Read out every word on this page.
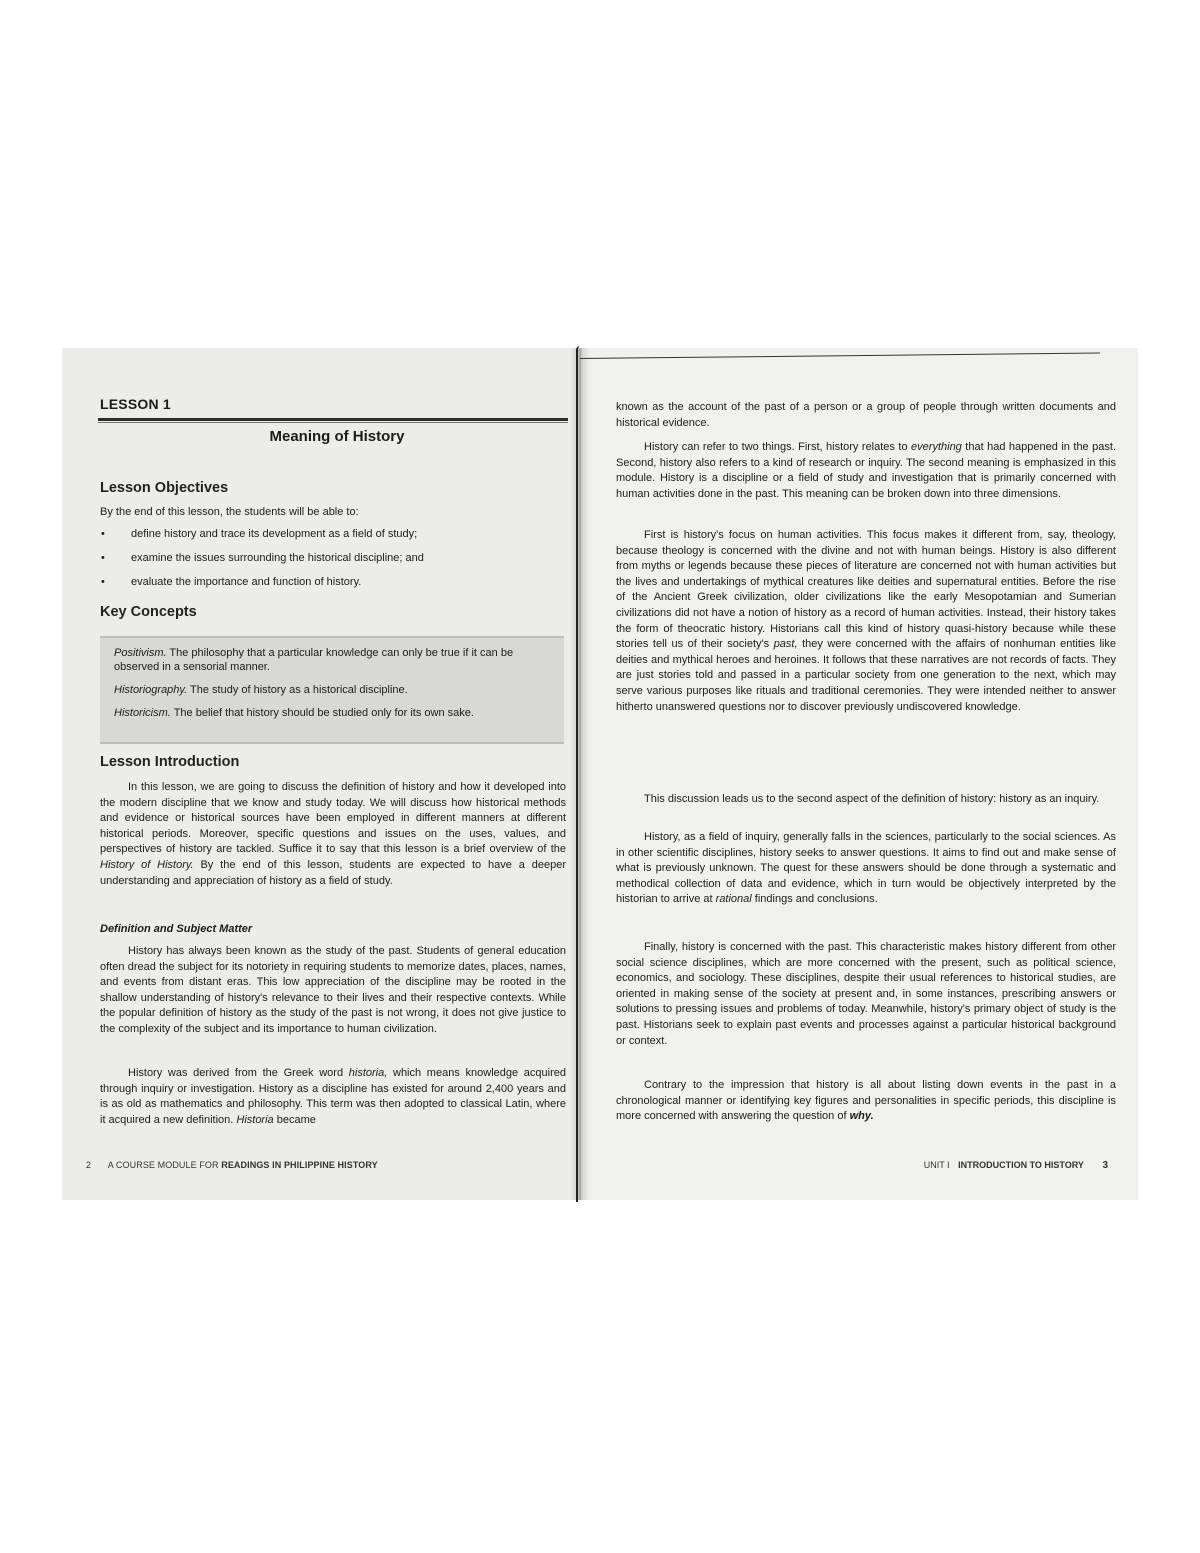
LESSON 1
Meaning of History
Lesson Objectives
By the end of this lesson, the students will be able to:
•	define history and trace its development as a field of study;
•	examine the issues surrounding the historical discipline; and
•	evaluate the importance and function of history.
Key Concepts
Positivism. The philosophy that a particular knowledge can only be true if it can be observed in a sensorial manner.
Historiography. The study of history as a historical discipline.
Historicism. The belief that history should be studied only for its own sake.
Lesson Introduction
In this lesson, we are going to discuss the definition of history and how it developed into the modern discipline that we know and study today. We will discuss how historical methods and evidence or historical sources have been employed in different manners at different historical periods. Moreover, specific questions and issues on the uses, values, and perspectives of history are tackled. Suffice it to say that this lesson is a brief overview of the History of History. By the end of this lesson, students are expected to have a deeper understanding and appreciation of history as a field of study.
Definition and Subject Matter
History has always been known as the study of the past. Students of general education often dread the subject for its notoriety in requiring students to memorize dates, places, names, and events from distant eras. This low appreciation of the discipline may be rooted in the shallow understanding of history's relevance to their lives and their respective contexts. While the popular definition of history as the study of the past is not wrong, it does not give justice to the complexity of the subject and its importance to human civilization.
History was derived from the Greek word historia, which means knowledge acquired through inquiry or investigation. History as a discipline has existed for around 2,400 years and is as old as mathematics and philosophy. This term was then adopted to classical Latin, where it acquired a new definition. Historia became
2 A COURSE MODULE FOR READINGS IN PHILIPPINE HISTORY
known as the account of the past of a person or a group of people through written documents and historical evidence.
History can refer to two things. First, history relates to everything that had happened in the past. Second, history also refers to a kind of research or inquiry. The second meaning is emphasized in this module. History is a discipline or a field of study and investigation that is primarily concerned with human activities done in the past. This meaning can be broken down into three dimensions.
First is history's focus on human activities. This focus makes it different from, say, theology, because theology is concerned with the divine and not with human beings. History is also different from myths or legends because these pieces of literature are concerned not with human activities but the lives and undertakings of mythical creatures like deities and supernatural entities. Before the rise of the Ancient Greek civilization, older civilizations like the early Mesopotamian and Sumerian civilizations did not have a notion of history as a record of human activities. Instead, their history takes the form of theocratic history. Historians call this kind of history quasi-history because while these stories tell us of their society's past, they were concerned with the affairs of nonhuman entities like deities and mythical heroes and heroines. It follows that these narratives are not records of facts. They are just stories told and passed in a particular society from one generation to the next, which may serve various purposes like rituals and traditional ceremonies. They were intended neither to answer hitherto unanswered questions nor to discover previously undiscovered knowledge.
This discussion leads us to the second aspect of the definition of history: history as an inquiry.
History, as a field of inquiry, generally falls in the sciences, particularly to the social sciences. As in other scientific disciplines, history seeks to answer questions. It aims to find out and make sense of what is previously unknown. The quest for these answers should be done through a systematic and methodical collection of data and evidence, which in turn would be objectively interpreted by the historian to arrive at rational findings and conclusions.
Finally, history is concerned with the past. This characteristic makes history different from other social science disciplines, which are more concerned with the present, such as political science, economics, and sociology. These disciplines, despite their usual references to historical studies, are oriented in making sense of the society at present and, in some instances, prescribing answers or solutions to pressing issues and problems of today. Meanwhile, history's primary object of study is the past. Historians seek to explain past events and processes against a particular historical background or context.
Contrary to the impression that history is all about listing down events in the past in a chronological manner or identifying key figures and personalities in specific periods, this discipline is more concerned with answering the question of why.
UNIT I INTRODUCTION TO HISTORY 3
